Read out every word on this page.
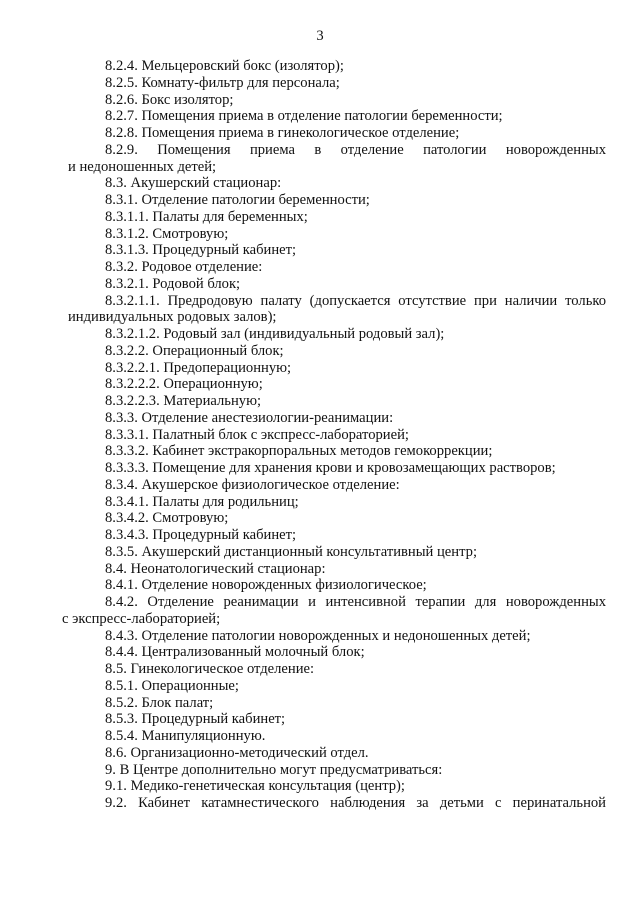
3

8.2.4. Мельцеровский бокс (изолятор);

8.2.5. Комнату-фильтр для персонала;

8.2.6. Бокс изолятор;

8.2.7. Помещения приема в отделение патологии беременности;

8.2.8. Помещения приема в гинекологическое отделение;

8.2.9. Помещения приема в отделение патологии новорожденных

и недоношенных детей;

8.3. Акушерский стационар:

8.3.1. Отделение патологии беременности;

8.3.1.1. Палаты для беременных;

8.3.1.2. Смотровую;

8.3.1.3. Процедурный кабинет;

8.3.2. Родовое отделение:

8.3.2.1. Родовой блок;

8.3.2.1.1. Предродовую палату (допускается отсутствие при наличии только

индивидуальных родовых залов);

8.3.2.1.2. Родовый зал (индивидуальный родовый зал);

8.3.2.2. Операционный блок;

8.3.2.2.1. Предоперационную;

8.3.2.2.2. Операционную;

8.3.2.2.3. Материальную;

8.3.3. Отделение анестезиологии-реанимации:

8.3.3.1. Палатный блок с экспресс-лабораторией;

8.3.3.2. Кабинет экстракорпоральных методов гемокоррекции;

8.3.3.3. Помещение для хранения крови и кровозамещающих растворов;

8.3.4. Акушерское физиологическое отделение:

8.3.4.1. Палаты для родильниц;

8.3.4.2. Смотровую;

8.3.4.3. Процедурный кабинет;

8.3.5. Акушерский дистанционный консультативный центр;

8.4. Неонатологический стационар:

8.4.1. Отделение новорожденных физиологическое;

8.4.2. Отделение реанимации и интенсивной терапии для новорожденных

с экспресс-лабораторией;

8.4.3. Отделение патологии новорожденных и недоношенных детей;

8.4.4. Централизованный молочный блок;

8.5. Гинекологическое отделение:

8.5.1. Операционные;

8.5.2. Блок палат;

8.5.3. Процедурный кабинет;

8.5.4. Манипуляционную.

8.6. Организационно-методический отдел.

9. В Центре дополнительно могут предусматриваться:

9.1. Медико-генетическая консультация (центр);

9.2. Кабинет катамнестического наблюдения за детьми с перинатальной
